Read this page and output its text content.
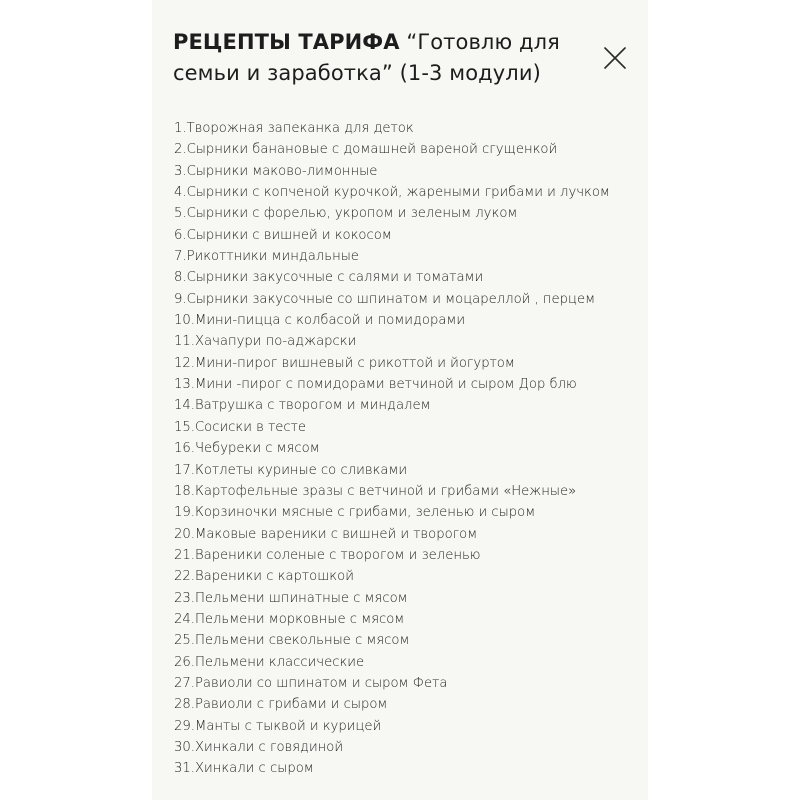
РЕЦЕПТЫ ТАРИФА “Готовлю для семьи и заработка” (1-3 модули)
1.Творожная запеканка для деток
2.Сырники банановые с домашней вареной сгущенкой
3.Сырники маково-лимонные
4.Сырники с копченой курочкой, жареными грибами и лучком
5.Сырники с форелью, укропом и зеленым луком
6.Сырники с вишней и кокосом
7.Рикоттники миндальные
8.Сырники закусочные с салями и томатами
9.Сырники закусочные со шпинатом и моцареллой , перцем
10.Мини-пицца с колбасой и помидорами
11.Хачапури по-аджарски
12.Мини-пирог вишневый с рикоттой и йогуртом
13.Мини -пирог с помидорами ветчиной и сыром Дор блю
14.Ватрушка с творогом и миндалем
15.Сосиски в тесте
16.Чебуреки с мясом
17.Котлеты куриные со сливками
18.Картофельные зразы с ветчиной и грибами «Нежные»
19.Корзиночки мясные с грибами, зеленью и сыром
20.Маковые вареники с вишней и творогом
21.Вареники соленые с творогом и зеленью
22.Вареники с картошкой
23.Пельмени шпинатные с мясом
24.Пельмени морковные с мясом
25.Пельмени свекольные с мясом
26.Пельмени классические
27.Равиоли со шпинатом и сыром Фета
28.Равиоли с грибами и сыром
29.Манты с тыквой и курицей
30.Хинкали с говядиной
31.Хинкали с сыром
